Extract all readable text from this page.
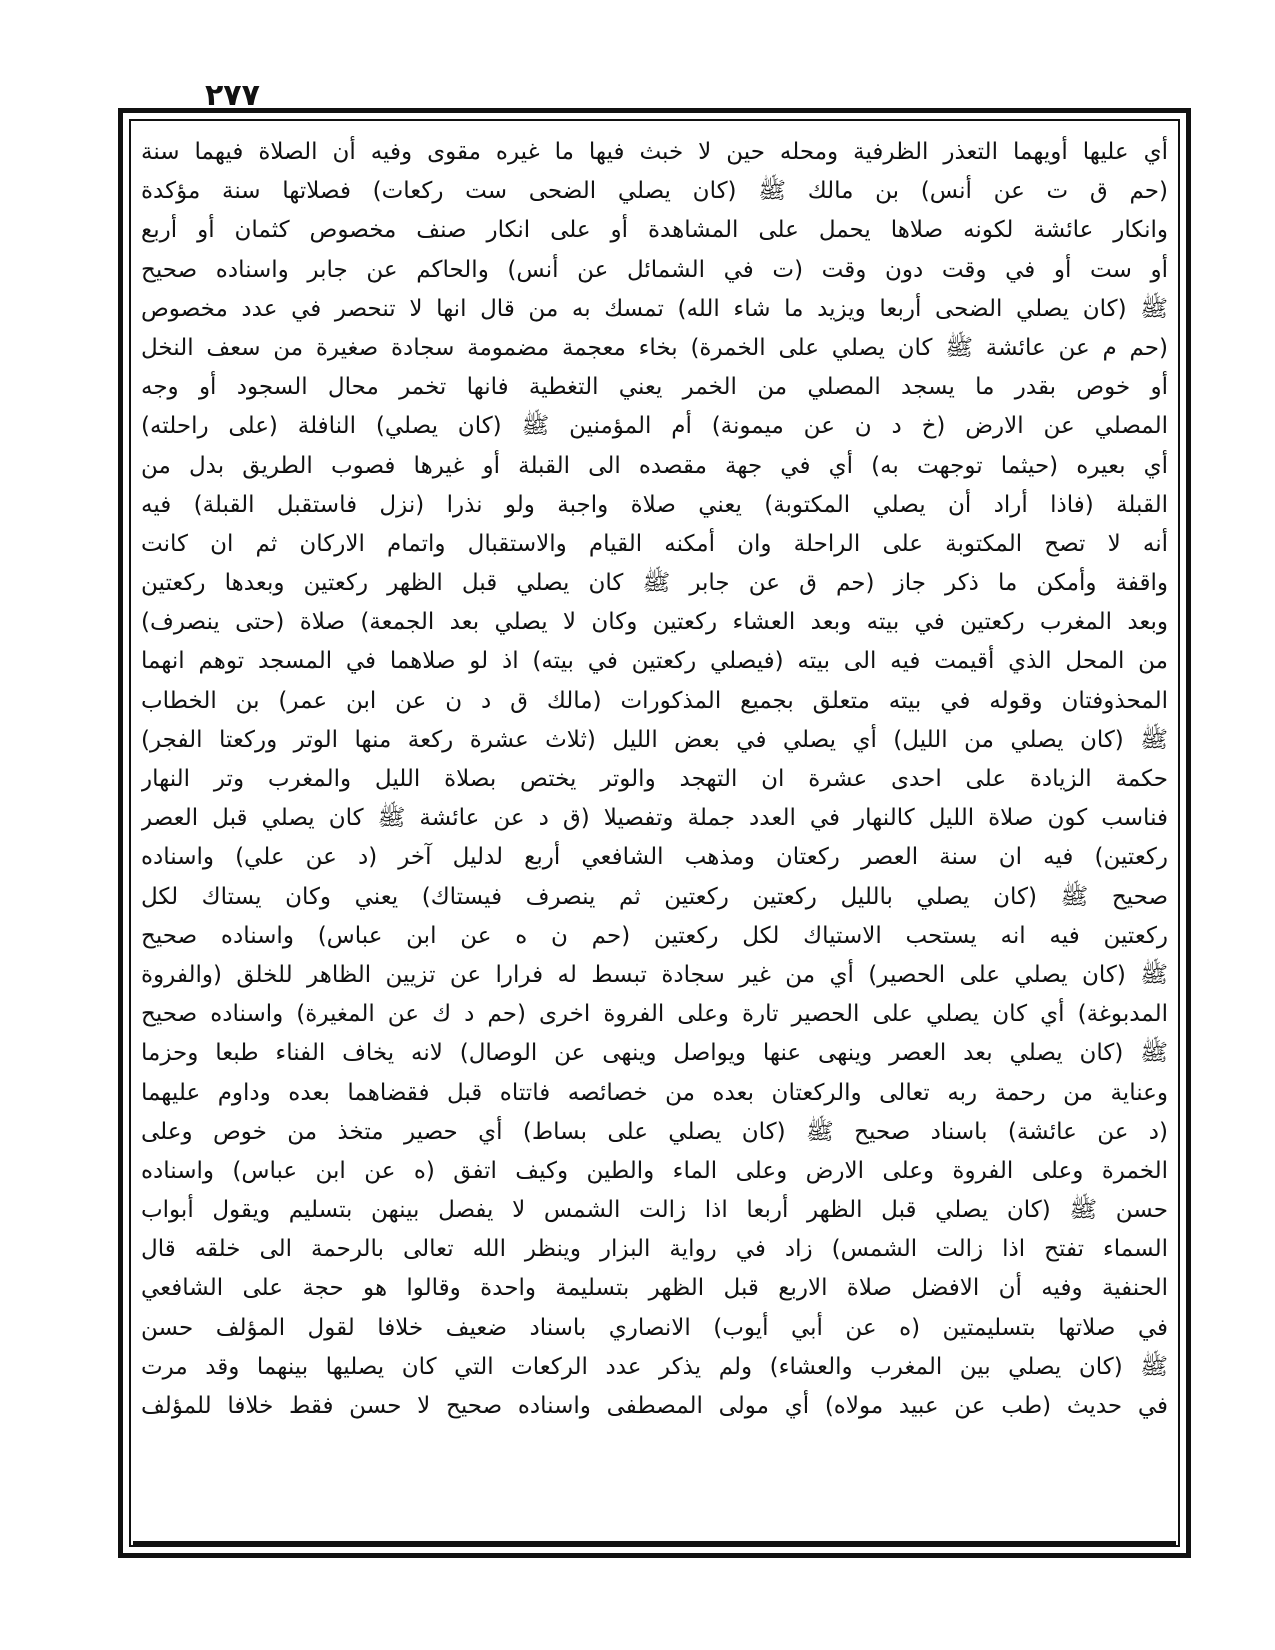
٢٧٧
أي عليها أويهما التعذر الظرفية ومحله حين لا خبث فيها ما غيره مقوى وفيه أن الصلاة فيهما سنة
(حم ق ت عن أنس) بن مالك ﷺ (كان يصلي الضحى ست ركعات) فصلاتها سنة مؤكدة
وانكار عائشة لكونه صلاها يحمل على المشاهدة أو على انكار صنف مخصوص كثمان أو أربع
أو ست أو في وقت دون وقت (ت في الشمائل عن أنس) والحاكم عن جابر واسناده صحيح
ﷺ (كان يصلي الضحى أربعا ويزيد ما شاء الله) تمسك به من قال انها لا تنحصر في عدد مخصوص
(حم م عن عائشة ﷺ كان يصلي على الخمرة) بخاء معجمة مضمومة سجادة صغيرة من سعف النخل
أو خوص بقدر ما يسجد المصلي من الخمر يعني التغطية فانها تخمر محال السجود أو وجه
المصلي عن الارض (خ د ن عن ميمونة) أم المؤمنين ﷺ (كان يصلي) النافلة (على راحلته)
أي بعيره (حيثما توجهت به) أي في جهة مقصده الى القبلة أو غيرها فصوب الطريق بدل من
القبلة (فاذا أراد أن يصلي المكتوبة) يعني صلاة واجبة ولو نذرا (نزل فاستقبل القبلة) فيه
أنه لا تصح المكتوبة على الراحلة وان أمكنه القيام والاستقبال واتمام الاركان ثم ان كانت
واقفة وأمكن ما ذكر جاز (حم ق عن جابر ﷺ كان يصلي قبل الظهر ركعتين وبعدها ركعتين
وبعد المغرب ركعتين في بيته وبعد العشاء ركعتين وكان لا يصلي بعد الجمعة) صلاة (حتى ينصرف)
من المحل الذي أقيمت فيه الى بيته (فيصلي ركعتين في بيته) اذ لو صلاهما في المسجد توهم انهما
المحذوفتان وقوله في بيته متعلق بجميع المذكورات (مالك ق د ن عن ابن عمر) بن الخطاب
ﷺ (كان يصلي من الليل) أي يصلي في بعض الليل (ثلاث عشرة ركعة منها الوتر وركعتا الفجر)
حكمة الزيادة على احدى عشرة ان التهجد والوتر يختص بصلاة الليل والمغرب وتر النهار
فناسب كون صلاة الليل كالنهار في العدد جملة وتفصيلا (ق د عن عائشة ﷺ كان يصلي قبل العصر
ركعتين) فيه ان سنة العصر ركعتان ومذهب الشافعي أربع لدليل آخر (د عن علي) واسناده
صحيح ﷺ (كان يصلي بالليل ركعتين ركعتين ثم ينصرف فيستاك) يعني وكان يستاك لكل
ركعتين فيه انه يستحب الاستياك لكل ركعتين (حم ن ه عن ابن عباس) واسناده صحيح
ﷺ (كان يصلي على الحصير) أي من غير سجادة تبسط له فرارا عن تزيين الظاهر للخلق (والفروة
المدبوغة) أي كان يصلي على الحصير تارة وعلى الفروة اخرى (حم د ك عن المغيرة) واسناده صحيح
ﷺ (كان يصلي بعد العصر وينهى عنها ويواصل وينهى عن الوصال) لانه يخاف الفناء طبعا وحزما
وعناية من رحمة ربه تعالى والركعتان بعده من خصائصه فاتتاه قبل فقضاهما بعده وداوم عليهما
(د عن عائشة) باسناد صحيح ﷺ (كان يصلي على بساط) أي حصير متخذ من خوص وعلى
الخمرة وعلى الفروة وعلى الارض وعلى الماء والطين وكيف اتفق (ه عن ابن عباس) واسناده
حسن ﷺ (كان يصلي قبل الظهر أربعا اذا زالت الشمس لا يفصل بينهن بتسليم ويقول أبواب
السماء تفتح اذا زالت الشمس) زاد في رواية البزار وينظر الله تعالى بالرحمة الى خلقه قال
الحنفية وفيه أن الافضل صلاة الاربع قبل الظهر بتسليمة واحدة وقالوا هو حجة على الشافعي
في صلاتها بتسليمتين (ه عن أبي أيوب) الانصاري باسناد ضعيف خلافا لقول المؤلف حسن
ﷺ (كان يصلي بين المغرب والعشاء) ولم يذكر عدد الركعات التي كان يصليها بينهما وقد مرت
في حديث (طب عن عبيد مولاه) أي مولى المصطفى واسناده صحيح لا حسن فقط خلافا للمؤلف
